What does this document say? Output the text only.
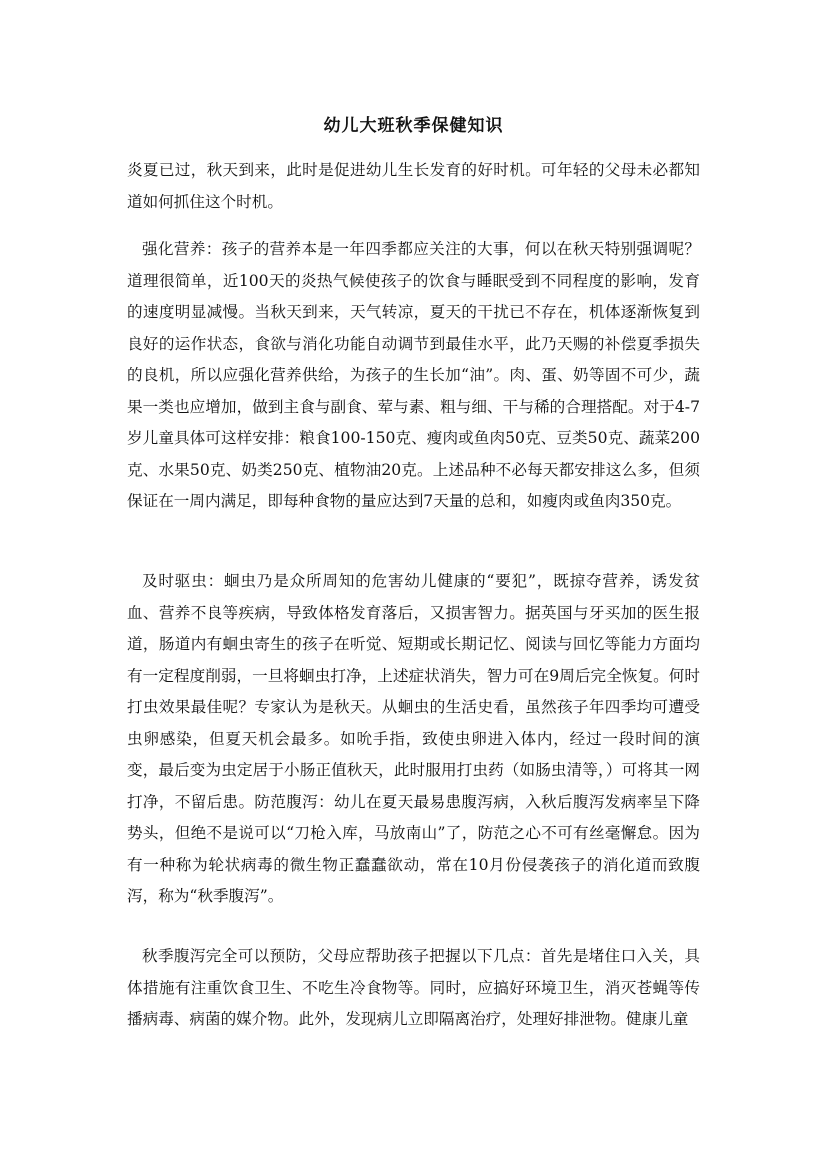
幼儿大班秋季保健知识

炎夏已过，秋天到来，此时是促进幼儿生长发育的好时机。可年轻的父母未必都知道如何抓住这个时机。

强化营养：孩子的营养本是一年四季都应关注的大事，何以在秋天特别强调呢？道理很简单，近100天的炎热气候使孩子的饮食与睡眠受到不同程度的影响，发育的速度明显减慢。当秋天到来，天气转凉，夏天的干扰已不存在，机体逐渐恢复到良好的运作状态，食欲与消化功能自动调节到最佳水平，此乃天赐的补偿夏季损失的良机，所以应强化营养供给，为孩子的生长加“油”。肉、蛋、奶等固不可少，蔬果一类也应增加，做到主食与副食、荤与素、粗与细、干与稀的合理搭配。对于4-7岁儿童具体可这样安排：粮食100-150克、瘦肉或鱼肉50克、豆类50克、蔬菜200克、水果50克、奶类250克、植物油20克。上述品种不必每天都安排这么多，但须保证在一周内满足，即每种食物的量应达到7天量的总和，如瘦肉或鱼肉350克。

及时驱虫：蛔虫乃是众所周知的危害幼儿健康的“要犯”，既掠夺营养，诱发贫血、营养不良等疾病，导致体格发育落后，又损害智力。据英国与牙买加的医生报道，肠道内有蛔虫寄生的孩子在听觉、短期或长期记忆、阅读与回忆等能力方面均有一定程度削弱，一旦将蛔虫打净，上述症状消失，智力可在9周后完全恢复。何时打虫效果最佳呢？专家认为是秋天。从蛔虫的生活史看，虽然孩子年四季均可遭受虫卵感染，但夏天机会最多。如吮手指，致使虫卵进入体内，经过一段时间的演变，最后变为虫定居于小肠正值秋天，此时服用打虫药（如肠虫清等，）可将其一网打净，不留后患。防范腹泻：幼儿在夏天最易患腹泻病，入秋后腹泻发病率呈下降势头，但绝不是说可以“刀枪入库，马放南山”了，防范之心不可有丝毫懈怠。因为有一种称为轮状病毒的微生物正蠢蠢欲动，常在10月份侵袭孩子的消化道而致腹泻，称为“秋季腹泻”。

秋季腹泻完全可以预防，父母应帮助孩子把握以下几点：首先是堵住口入关，具体措施有注重饮食卫生、不吃生冷食物等。同时，应搞好环境卫生，消灭苍蝇等传播病毒、病菌的媒介物。此外，发现病儿立即隔离治疗，处理好排泄物。健康儿童
